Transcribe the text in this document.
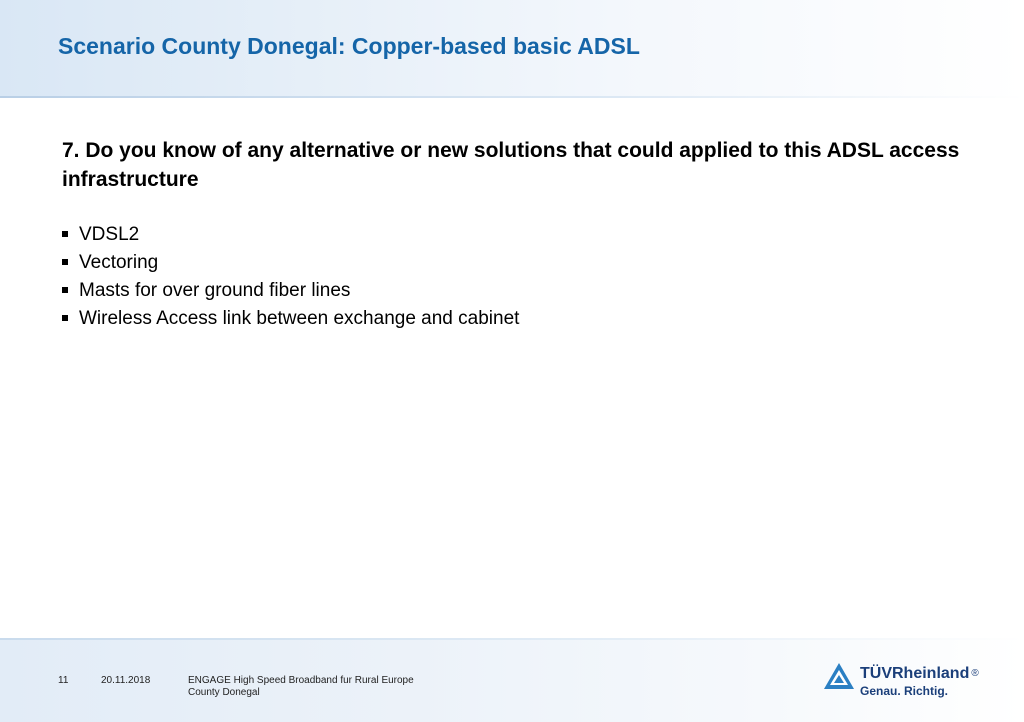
Scenario County Donegal: Copper-based basic ADSL

7. Do you know of any alternative or new solutions that could applied to this ADSL access infrastructure

VDSL2
Vectoring
Masts for over ground fiber lines
Wireless Access link between exchange and cabinet
11	20.11.2018	ENGAGE High Speed Broadband fur Rural Europe
County Donegal
TÜVRheinland ®
Genau. Richtig.
